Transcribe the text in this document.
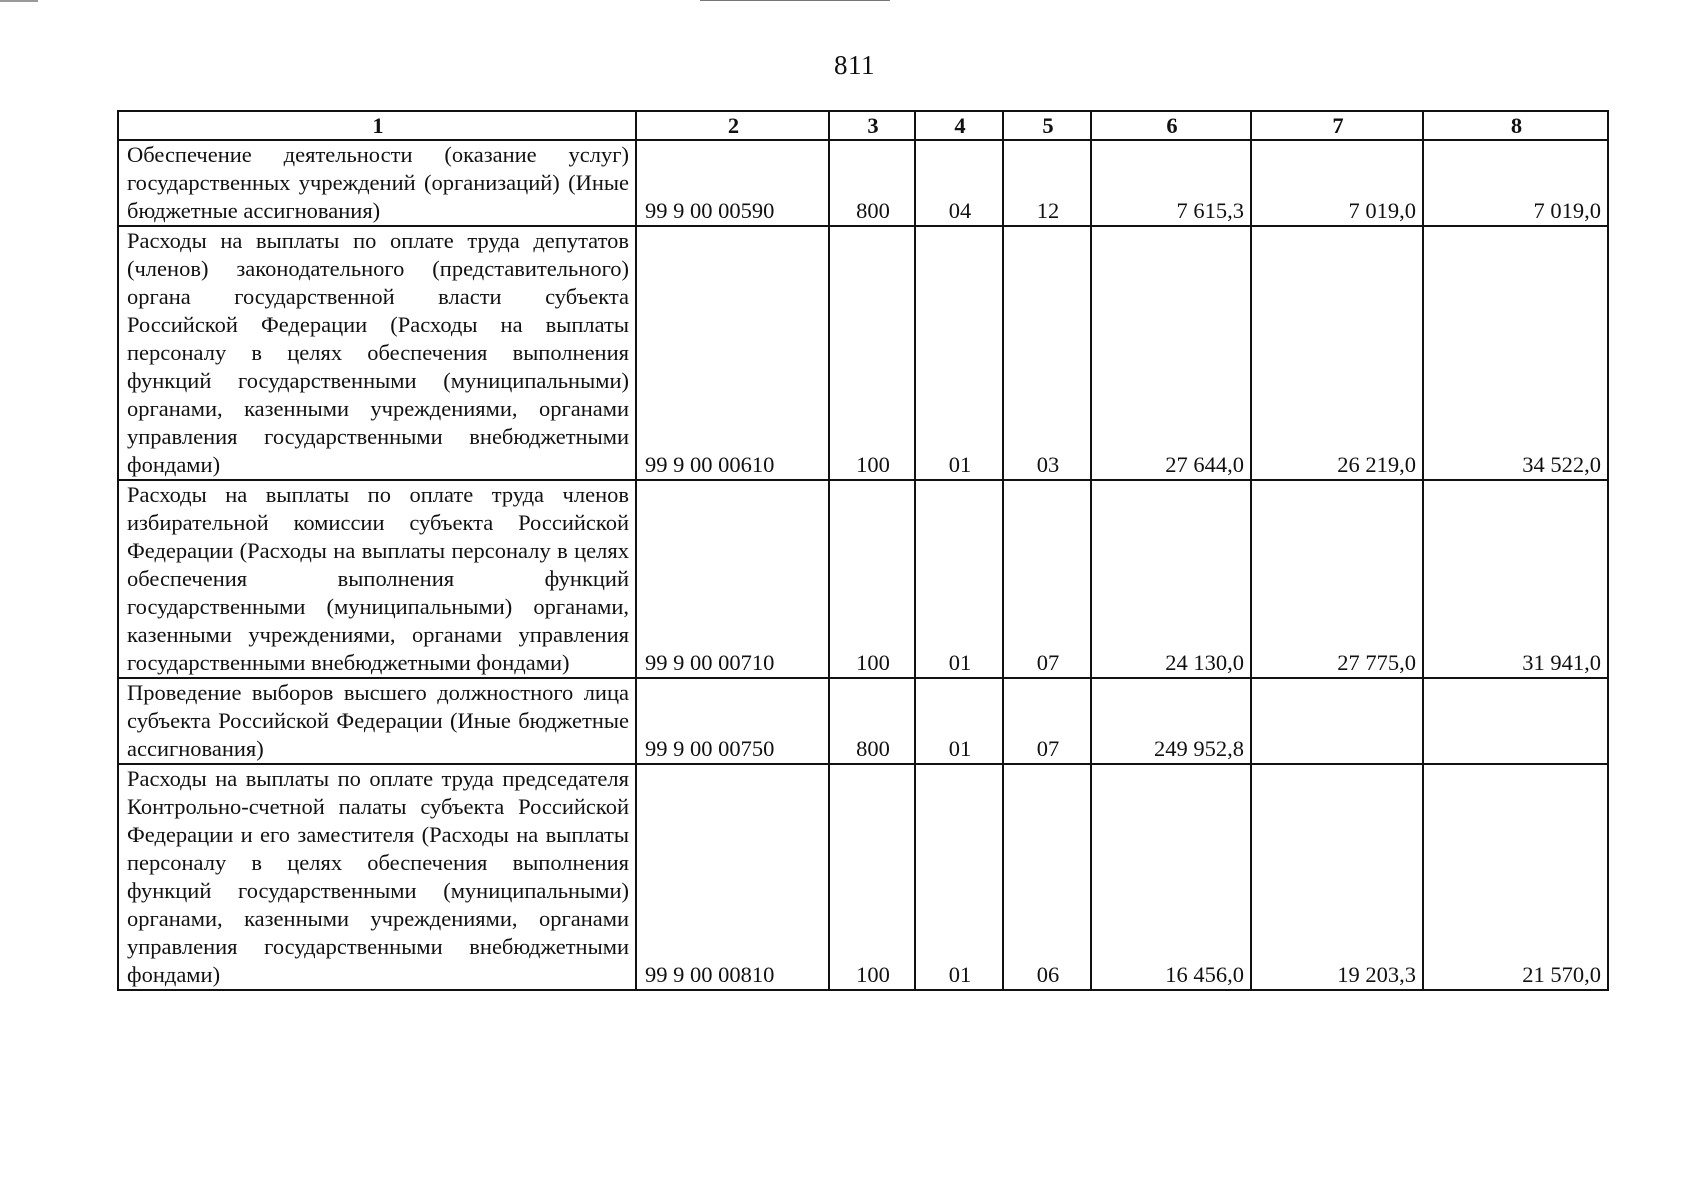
811
1	2	3	4	5	6	7	8
Обеспечение деятельности (оказание услуг) государственных учреждений (организаций) (Иные бюджетные ассигнования)	99 9 00 00590	800	04	12	7 615,3	7 019,0	7 019,0
Расходы на выплаты по оплате труда депутатов (членов) законодательного (представительного) органа государственной власти субъекта Российской Федерации (Расходы на выплаты персоналу в целях обеспечения выполнения функций государственными (муниципальными) органами, казенными учреждениями, органами управления государственными внебюджетными фондами)	99 9 00 00610	100	01	03	27 644,0	26 219,0	34 522,0
Расходы на выплаты по оплате труда членов избирательной комиссии субъекта Российской Федерации (Расходы на выплаты персоналу в целях обеспечения выполнения функций государственными (муниципальными) органами, казенными учреждениями, органами управления государственными внебюджетными фондами)	99 9 00 00710	100	01	07	24 130,0	27 775,0	31 941,0
Проведение выборов высшего должностного лица субъекта Российской Федерации (Иные бюджетные ассигнования)	99 9 00 00750	800	01	07	249 952,8		
Расходы на выплаты по оплате труда председателя Контрольно-счетной палаты субъекта Российской Федерации и его заместителя (Расходы на выплаты персоналу в целях обеспечения выполнения функций государственными (муниципальными) органами, казенными учреждениями, органами управления государственными внебюджетными фондами)	99 9 00 00810	100	01	06	16 456,0	19 203,3	21 570,0
